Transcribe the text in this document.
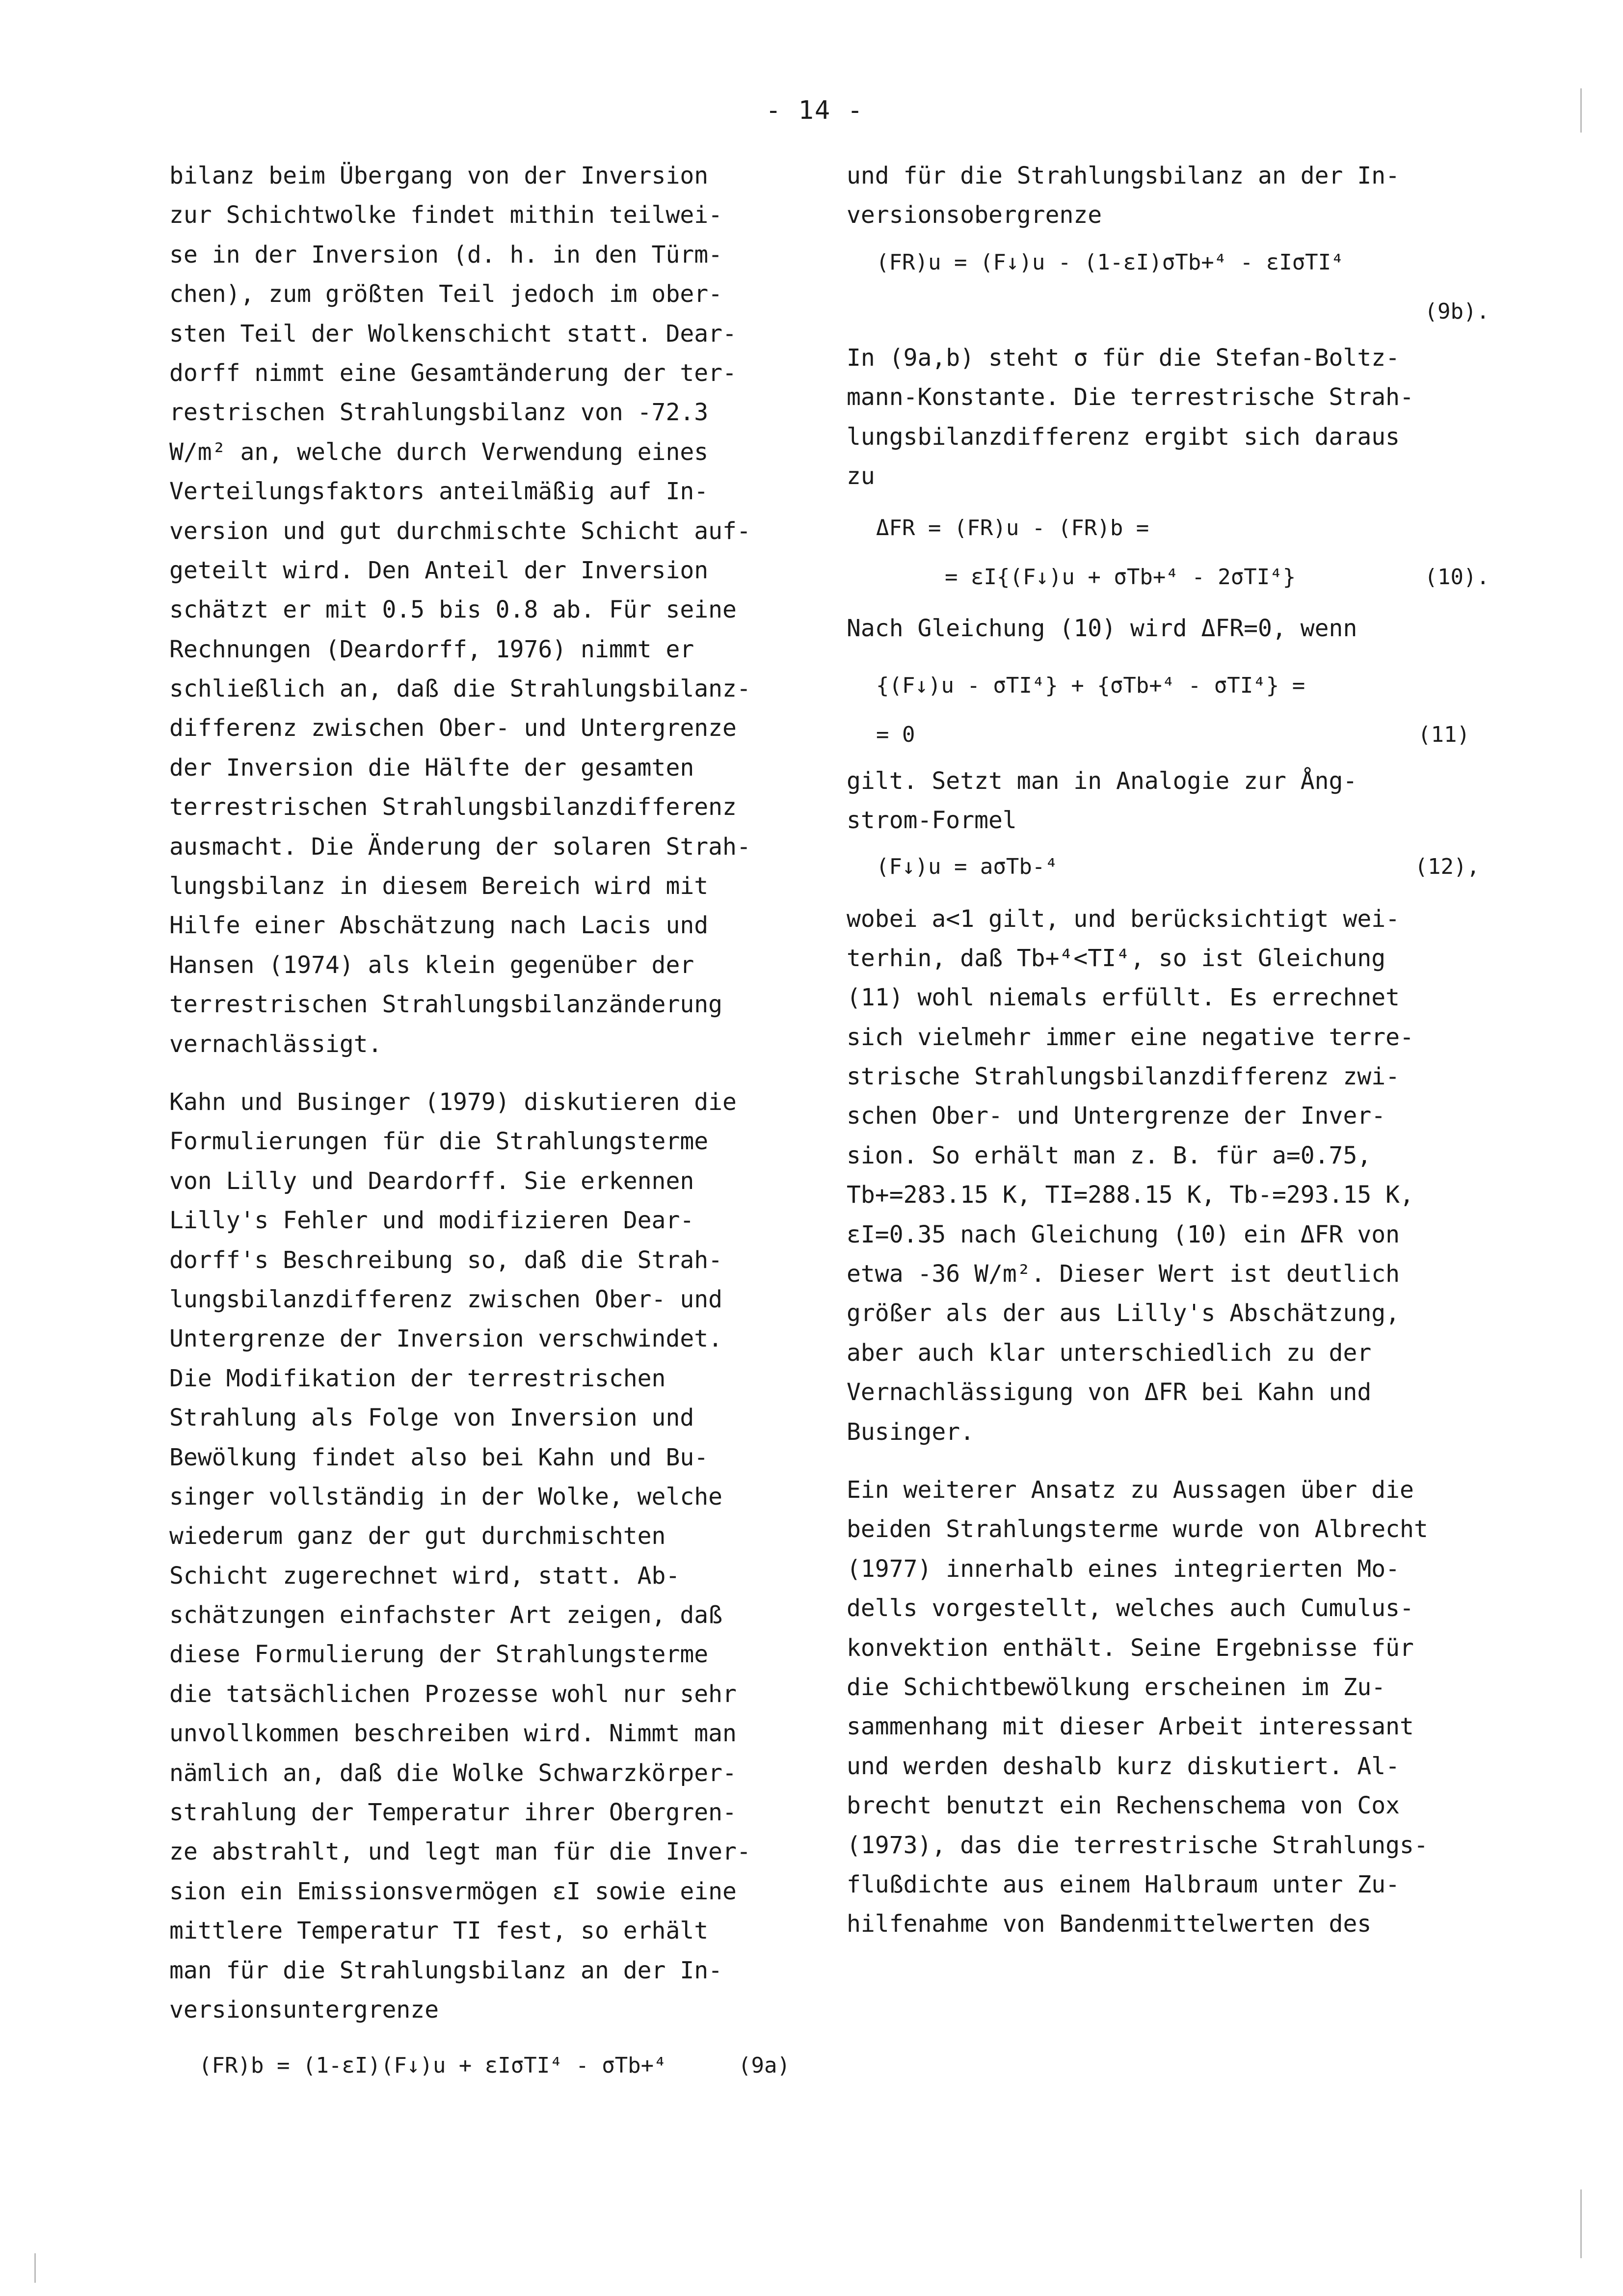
- 14 -
bilanz beim Übergang von der Inversion
zur Schichtwolke findet mithin teilwei-
se in der Inversion (d. h. in den Türm-
chen), zum größten Teil jedoch im ober-
sten Teil der Wolkenschicht statt. Dear-
dorff nimmt eine Gesamtänderung der ter-
restrischen Strahlungsbilanz von -72.3
W/m² an, welche durch Verwendung eines
Verteilungsfaktors anteilmäßig auf In-
version und gut durchmischte Schicht auf-
geteilt wird. Den Anteil der Inversion
schätzt er mit 0.5 bis 0.8 ab. Für seine
Rechnungen (Deardorff, 1976) nimmt er
schließlich an, daß die Strahlungsbilanz-
differenz zwischen Ober- und Untergrenze
der Inversion die Hälfte der gesamten
terrestrischen Strahlungsbilanzdifferenz
ausmacht. Die Änderung der solaren Strah-
lungsbilanz in diesem Bereich wird mit
Hilfe einer Abschätzung nach Lacis und
Hansen (1974) als klein gegenüber der
terrestrischen Strahlungsbilanzänderung
vernachlässigt.
Kahn und Businger (1979) diskutieren die
Formulierungen für die Strahlungsterme
von Lilly und Deardorff. Sie erkennen
Lilly's Fehler und modifizieren Dear-
dorff's Beschreibung so, daß die Strah-
lungsbilanzdifferenz zwischen Ober- und
Untergrenze der Inversion verschwindet.
Die Modifikation der terrestrischen
Strahlung als Folge von Inversion und
Bewölkung findet also bei Kahn und Bu-
singer vollständig in der Wolke, welche
wiederum ganz der gut durchmischten
Schicht zugerechnet wird, statt. Ab-
schätzungen einfachster Art zeigen, daß
diese Formulierung der Strahlungsterme
die tatsächlichen Prozesse wohl nur sehr
unvollkommen beschreiben wird. Nimmt man
nämlich an, daß die Wolke Schwarzkörper-
strahlung der Temperatur ihrer Obergren-
ze abstrahlt, und legt man für die Inver-
sion ein Emissionsvermögen εI sowie eine
mittlere Temperatur TI fest, so erhält
man für die Strahlungsbilanz an der In-
versionsuntergrenze

(FR)b = (1-εI)(F↓)u + εIσTI⁴ - σTb+⁴

	(9a)

und für die Strahlungsbilanz an der In-
versionsobergrenze
(FR)u = (F↓)u - (1-εI)σTb+⁴ - εIσTI⁴
(9b).
In (9a,b) steht σ für die Stefan-Boltz-
mann-Konstante. Die terrestrische Strah-
lungsbilanzdifferenz ergibt sich daraus
zu
ΔFR = (FR)u - (FR)b =
= εI{(F↓)u + σTb+⁴ - 2σTI⁴}	(10).
Nach Gleichung (10) wird ΔFR=0, wenn
{(F↓)u - σTI⁴} + {σTb+⁴ - σTI⁴} =
= 0	(11)
gilt. Setzt man in Analogie zur Ång-
strom-Formel

(F↓)u = aσTb-⁴

	(12),

wobei a<1 gilt, und berücksichtigt wei-
terhin, daß Tb+⁴<TI⁴, so ist Gleichung
(11) wohl niemals erfüllt. Es errechnet
sich vielmehr immer eine negative terre-
strische Strahlungsbilanzdifferenz zwi-
schen Ober- und Untergrenze der Inver-
sion. So erhält man z. B. für a=0.75,
Tb+=283.15 K, TI=288.15 K, Tb-=293.15 K,
εI=0.35 nach Gleichung (10) ein ΔFR von
etwa -36 W/m². Dieser Wert ist deutlich
größer als der aus Lilly's Abschätzung,
aber auch klar unterschiedlich zu der
Vernachlässigung von ΔFR bei Kahn und
Businger.
Ein weiterer Ansatz zu Aussagen über die
beiden Strahlungsterme wurde von Albrecht
(1977) innerhalb eines integrierten Mo-
dells vorgestellt, welches auch Cumulus-
konvektion enthält. Seine Ergebnisse für
die Schichtbewölkung erscheinen im Zu-
sammenhang mit dieser Arbeit interessant
und werden deshalb kurz diskutiert. Al-
brecht benutzt ein Rechenschema von Cox
(1973), das die terrestrische Strahlungs-
flußdichte aus einem Halbraum unter Zu-
hilfenahme von Bandenmittelwerten des
